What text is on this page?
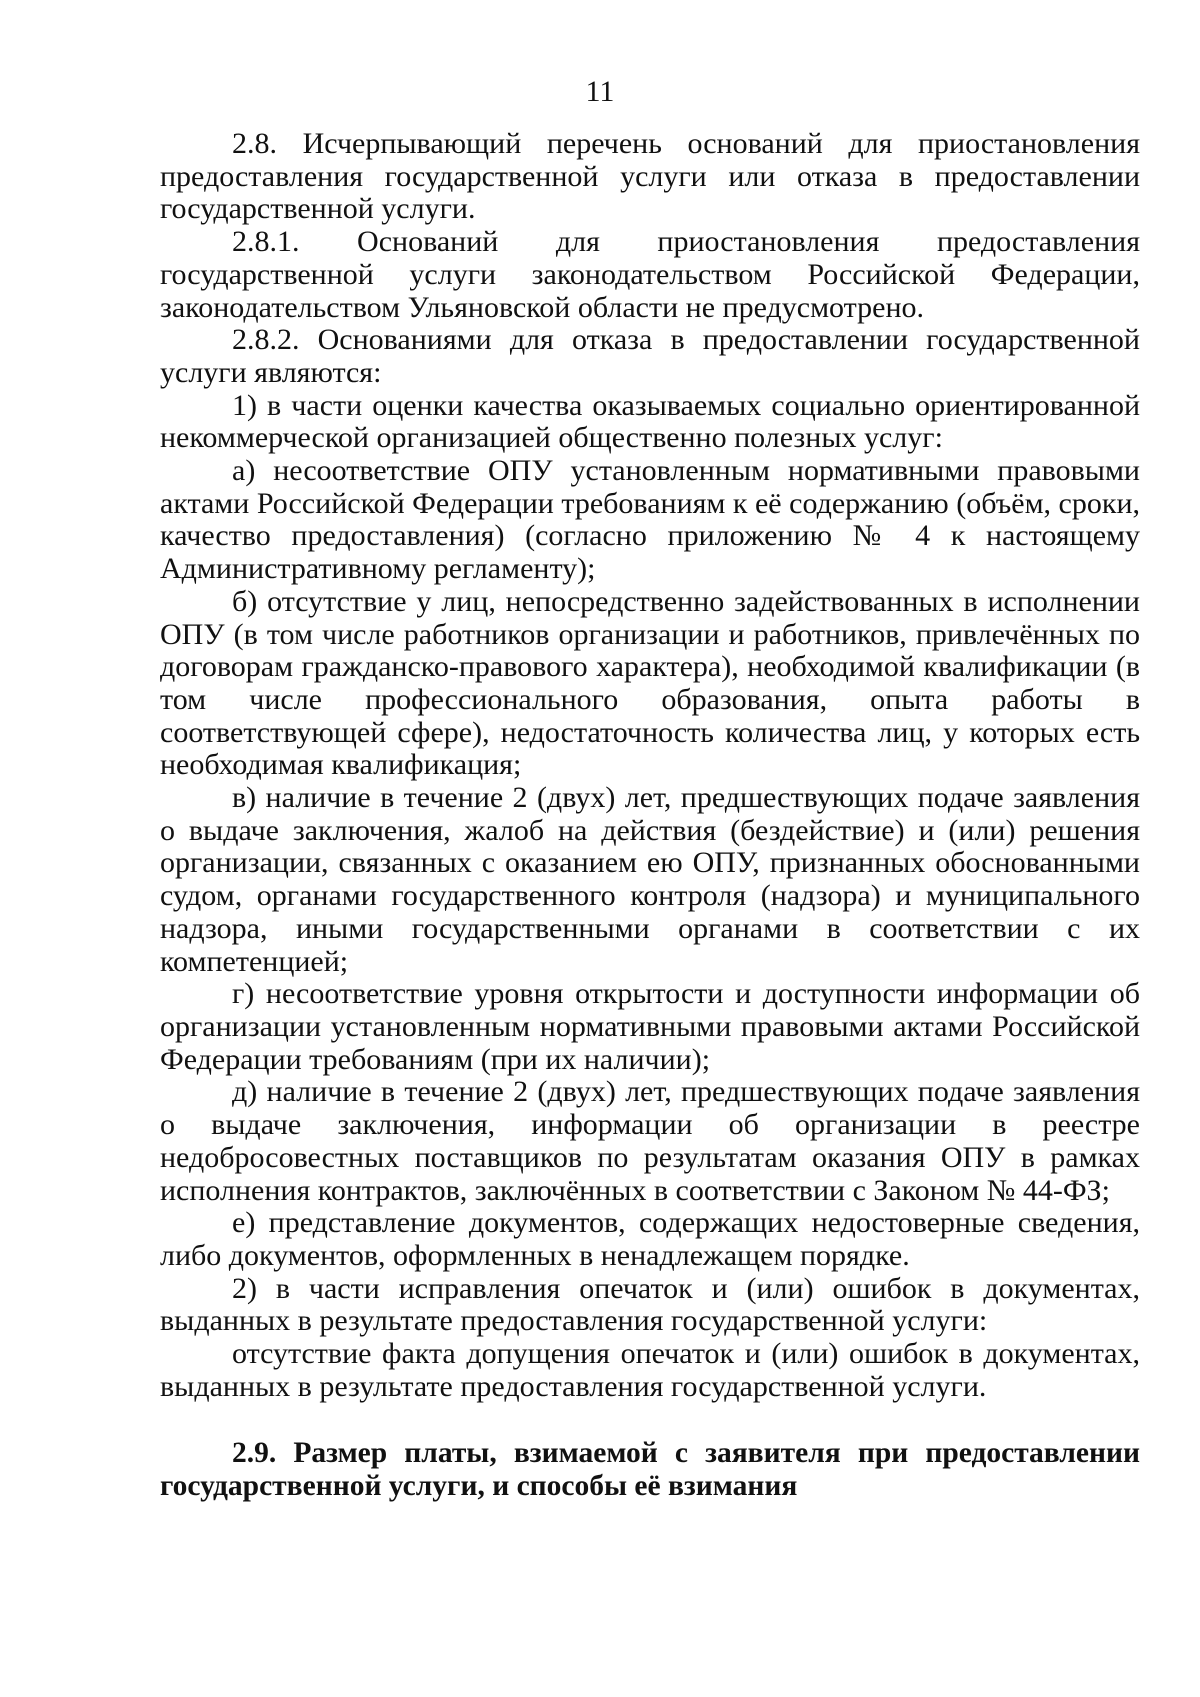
11

2.8. Исчерпывающий перечень оснований для приостановления предоставления государственной услуги или отказа в предоставлении государственной услуги.

2.8.1. Оснований для приостановления предоставления государственной услуги законодательством Российской Федерации, законодательством Ульяновской области не предусмотрено.

2.8.2. Основаниями для отказа в предоставлении государственной услуги являются:

1) в части оценки качества оказываемых социально ориентированной некоммерческой организацией общественно полезных услуг:

а) несоответствие ОПУ установленным нормативными правовыми актами Российской Федерации требованиям к её содержанию (объём, сроки, качество предоставления) (согласно приложению № 4 к настоящему Административному регламенту);

б) отсутствие у лиц, непосредственно задействованных в исполнении ОПУ (в том числе работников организации и работников, привлечённых по договорам гражданско-правового характера), необходимой квалификации (в том числе профессионального образования, опыта работы в соответствующей сфере), недостаточность количества лиц, у которых есть необходимая квалификация;

в) наличие в течение 2 (двух) лет, предшествующих подаче заявления о выдаче заключения, жалоб на действия (бездействие) и (или) решения организации, связанных с оказанием ею ОПУ, признанных обоснованными судом, органами государственного контроля (надзора) и муниципального надзора, иными государственными органами в соответствии с их компетенцией;

г) несоответствие уровня открытости и доступности информации об организации установленным нормативными правовыми актами Российской Федерации требованиям (при их наличии);

д) наличие в течение 2 (двух) лет, предшествующих подаче заявления о выдаче заключения, информации об организации в реестре недобросовестных поставщиков по результатам оказания ОПУ в рамках исполнения контрактов, заключённых в соответствии с Законом № 44-ФЗ;

е) представление документов, содержащих недостоверные сведения, либо документов, оформленных в ненадлежащем порядке.

2) в части исправления опечаток и (или) ошибок в документах, выданных в результате предоставления государственной услуги:

отсутствие факта допущения опечаток и (или) ошибок в документах, выданных в результате предоставления государственной услуги.

2.9. Размер платы, взимаемой с заявителя при предоставлении государственной услуги, и способы её взимания
